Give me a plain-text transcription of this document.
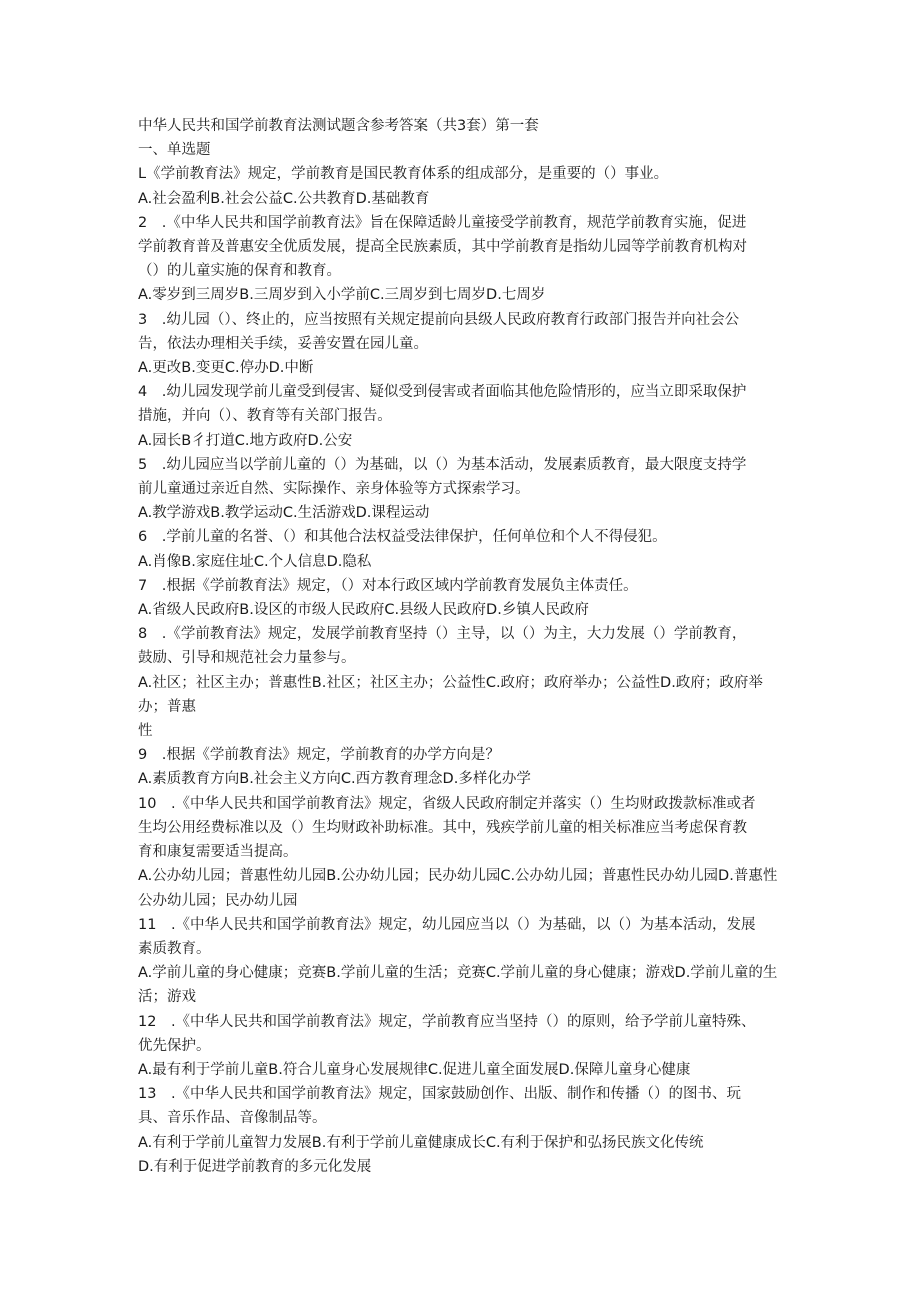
中华人民共和国学前教育法测试题含参考答案（共3套）第一套
一、单选题
L《学前教育法》规定，学前教育是国民教育体系的组成部分，是重要的（）事业。
A.社会盈利B.社会公益C.公共教育D.基础教育
2　.《中华人民共和国学前教育法》旨在保障适龄儿童接受学前教育，规范学前教育实施，促进
学前教育普及普惠安全优质发展，提高全民族素质，其中学前教育是指幼儿园等学前教育机构对
（）的儿童实施的保育和教育。
A.零岁到三周岁B.三周岁到入小学前C.三周岁到七周岁D.七周岁
3　.幼儿园（）、终止的，应当按照有关规定提前向县级人民政府教育行政部门报告并向社会公
告，依法办理相关手续，妥善安置在园儿童。
A.更改B.变更C.停办D.中断
4　.幼儿园发现学前儿童受到侵害、疑似受到侵害或者面临其他危险情形的，应当立即采取保护
措施，并向（）、教育等有关部门报告。
A.园长B彳打道C.地方政府D.公安
5　.幼儿园应当以学前儿童的（）为基础，以（）为基本活动，发展素质教育，最大限度支持学
前儿童通过亲近自然、实际操作、亲身体验等方式探索学习。
A.教学游戏B.教学运动C.生活游戏D.课程运动
6　.学前儿童的名誉、（）和其他合法权益受法律保护，任何单位和个人不得侵犯。
A.肖像B.家庭住址C.个人信息D.隐私
7　.根据《学前教育法》规定，（）对本行政区域内学前教育发展负主体责任。
A.省级人民政府B.设区的市级人民政府C.县级人民政府D.乡镇人民政府
8　.《学前教育法》规定，发展学前教育坚持（）主导，以（）为主，大力发展（）学前教育，
鼓励、引导和规范社会力量参与。
A.社区；社区主办；普惠性B.社区；社区主办；公益性C.政府；政府举办；公益性D.政府；政府举办；普惠
性
9　.根据《学前教育法》规定，学前教育的办学方向是？
A.素质教育方向B.社会主义方向C.西方教育理念D.多样化办学
10　.《中华人民共和国学前教育法》规定，省级人民政府制定并落实（）生均财政拨款标准或者
生均公用经费标准以及（）生均财政补助标准。其中，残疾学前儿童的相关标准应当考虑保育教
育和康复需要适当提高。
A.公办幼儿园；普惠性幼儿园B.公办幼儿园；民办幼儿园C.公办幼儿园；普惠性民办幼儿园D.普惠性
公办幼儿园；民办幼儿园
11　.《中华人民共和国学前教育法》规定，幼儿园应当以（）为基础，以（）为基本活动，发展
素质教育。
A.学前儿童的身心健康；竞赛B.学前儿童的生活；竞赛C.学前儿童的身心健康；游戏D.学前儿童的生
活；游戏
12　.《中华人民共和国学前教育法》规定，学前教育应当坚持（）的原则，给予学前儿童特殊、
优先保护。
A.最有利于学前儿童B.符合儿童身心发展规律C.促进儿童全面发展D.保障儿童身心健康
13　.《中华人民共和国学前教育法》规定，国家鼓励创作、出版、制作和传播（）的图书、玩
具、音乐作品、音像制品等。
A.有利于学前儿童智力发展B.有利于学前儿童健康成长C.有利于保护和弘扬民族文化传统
D.有利于促进学前教育的多元化发展
